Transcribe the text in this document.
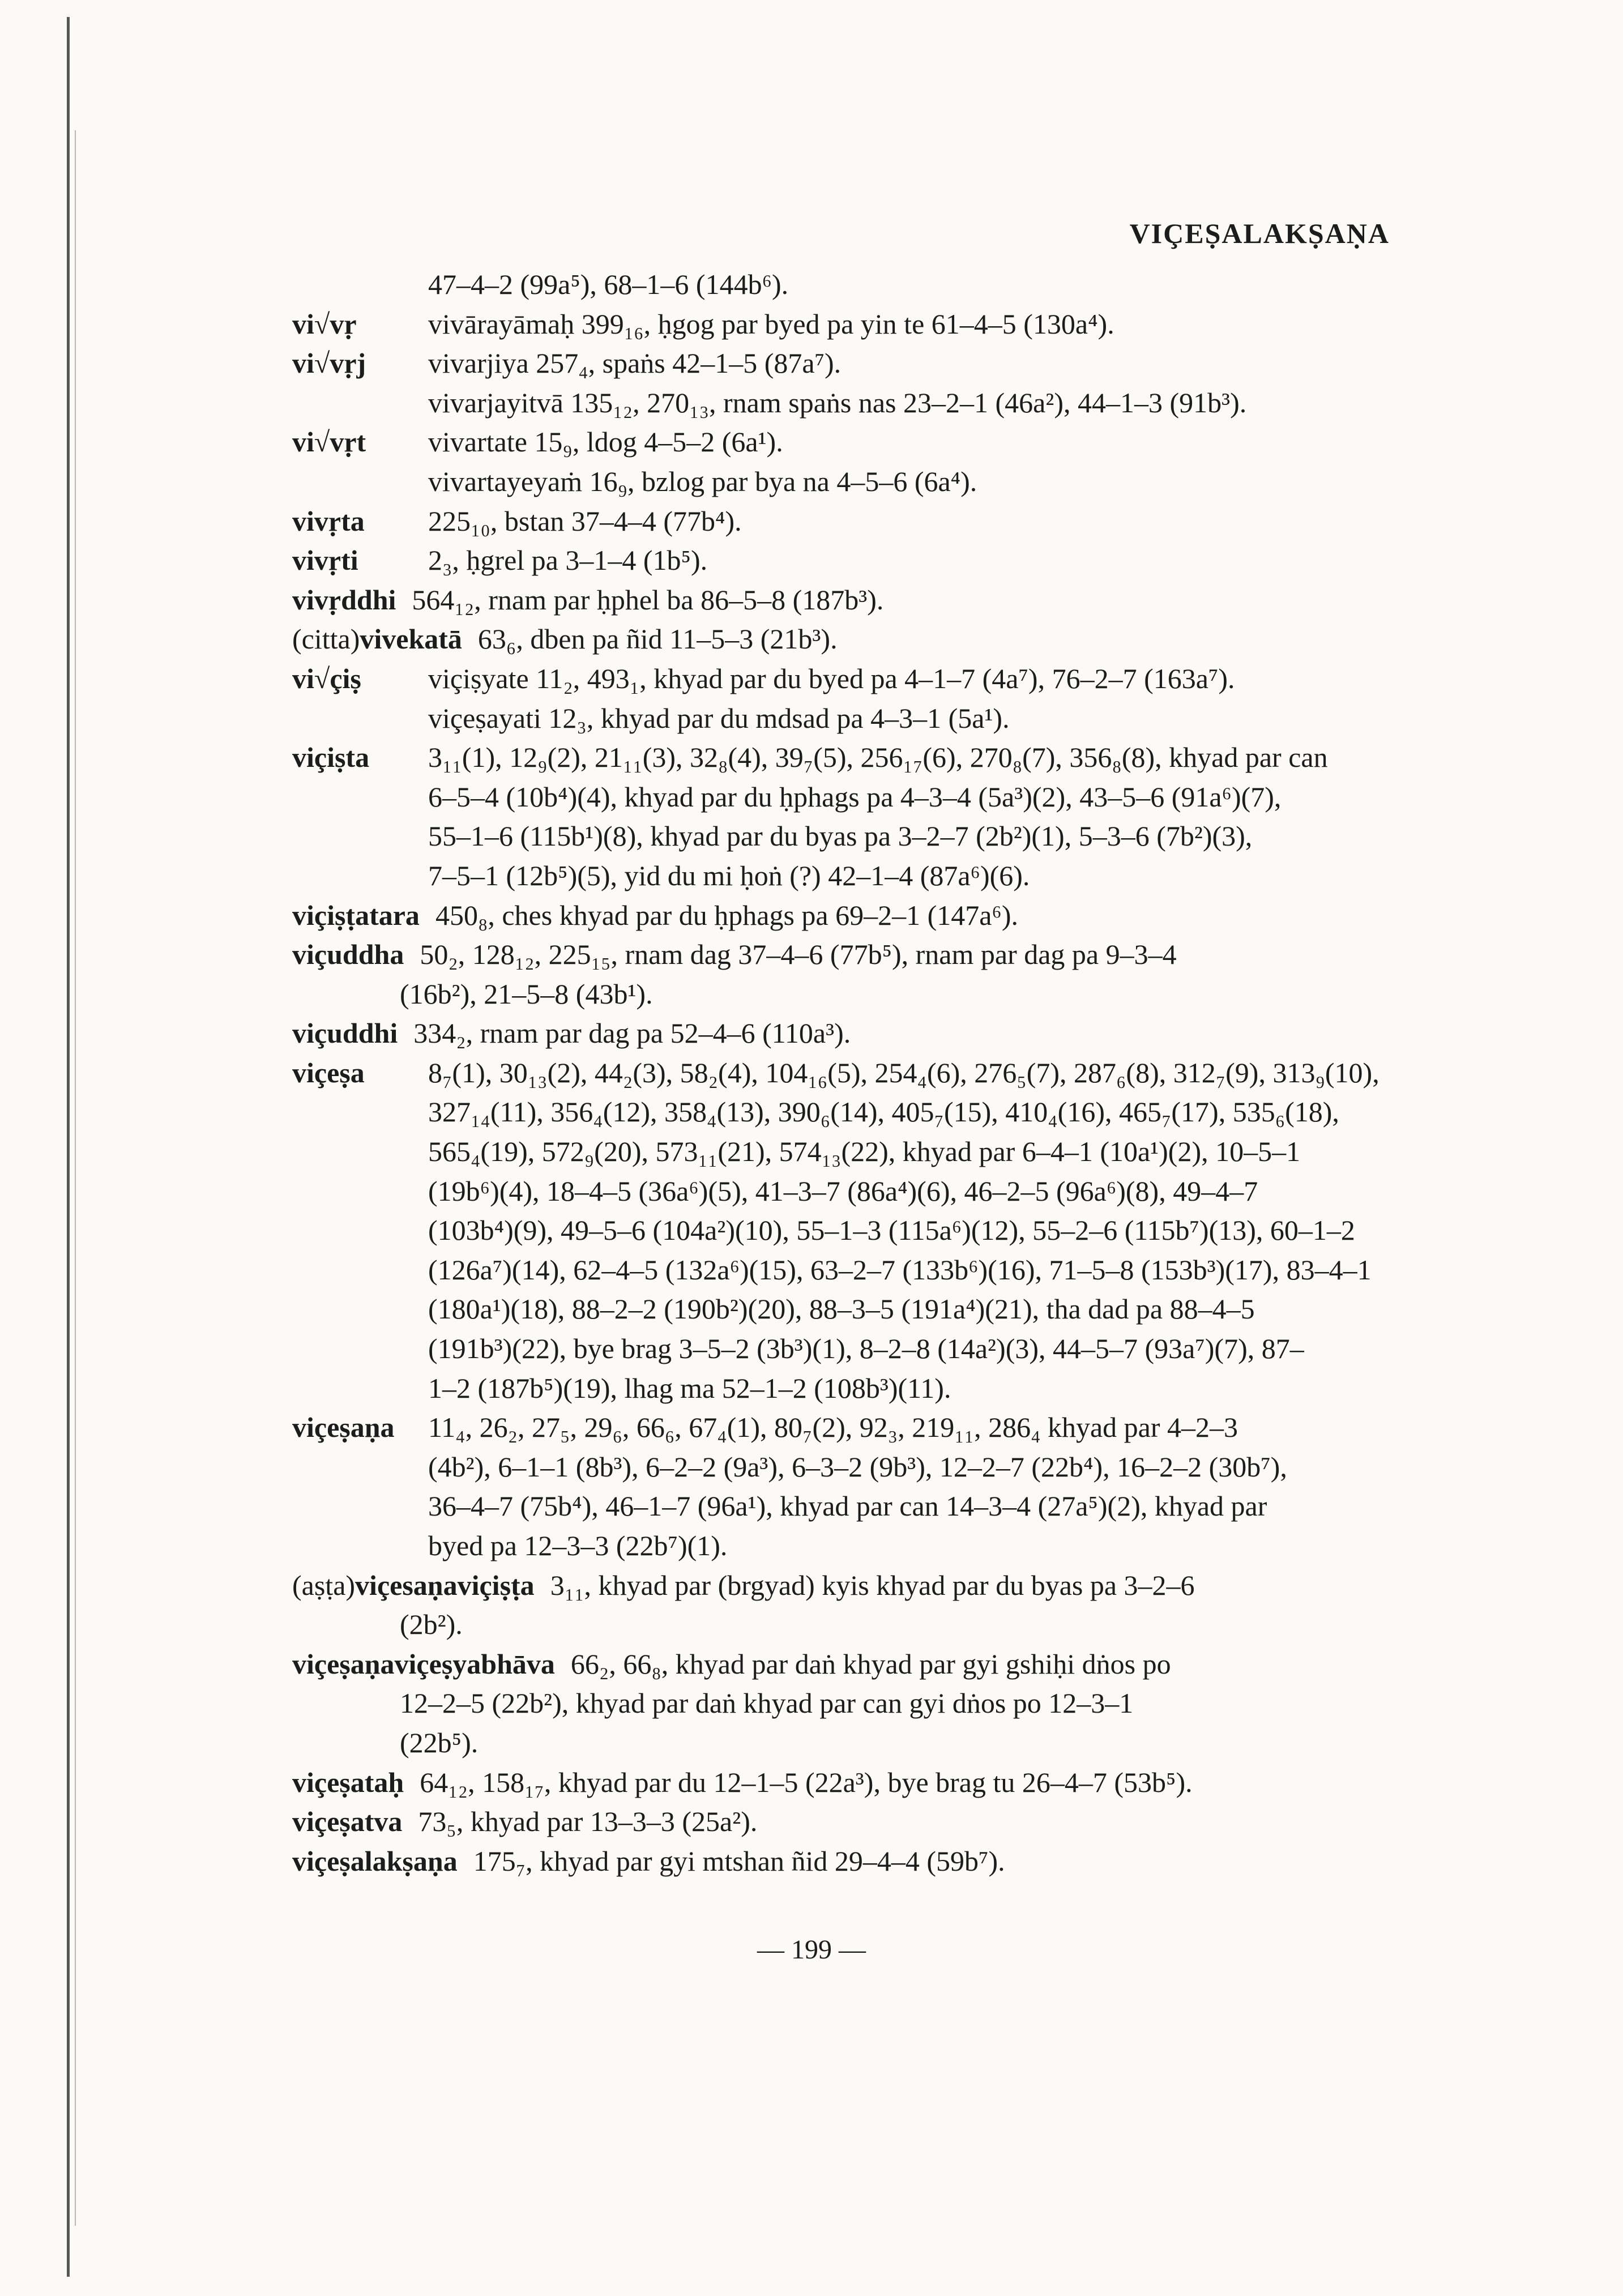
VIÇEṢALAKṢAṆA
47–4–2 (99a⁵), 68–1–6 (144b⁶).
vi√vṛ	vivārayāmaḥ 399₁₆, ḥgog par byed pa yin te 61–4–5 (130a⁴).
vi√vṛj	vivarjiya 257₄, spaṅs 42–1–5 (87a⁷).
vivarjayitvā 135₁₂, 270₁₃, rnam spaṅs nas 23–2–1 (46a²), 44–1–3 (91b³).
vi√vṛt	vivartate 15₉, ldog 4–5–2 (6a¹).
vivartayeyaṁ 16₉, bzlog par bya na 4–5–6 (6a⁴).
vivṛta	225₁₀, bstan 37–4–4 (77b⁴).
vivṛti	2₃, ḥgrel pa 3–1–4 (1b⁵).
vivṛddhi 564₁₂, rnam par ḥphel ba 86–5–8 (187b³).
(citta)vivekatā 63₆, dben pa ñid 11–5–3 (21b³).
vi√çiṣ	viçiṣyate 11₂, 493₁, khyad par du byed pa 4–1–7 (4a⁷), 76–2–7 (163a⁷).
viçeṣayati 12₃, khyad par du mdsad pa 4–3–1 (5a¹).
viçiṣta	3₁₁(1), 12₉(2), 21₁₁(3), 32₈(4), 39₇(5), 256₁₇(6), 270₈(7), 356₈(8), khyad par can
6–5–4 (10b⁴)(4), khyad par du ḥphags pa 4–3–4 (5a³)(2), 43–5–6 (91a⁶)(7),
55–1–6 (115b¹)(8), khyad par du byas pa 3–2–7 (2b²)(1), 5–3–6 (7b²)(3),
7–5–1 (12b⁵)(5), yid du mi ḥoṅ (?) 42–1–4 (87a⁶)(6).
viçiṣṭatara 450₈, ches khyad par du ḥphags pa 69–2–1 (147a⁶).
viçuddha 50₂, 128₁₂, 225₁₅, rnam dag 37–4–6 (77b⁵), rnam par dag pa 9–3–4
(16b²), 21–5–8 (43b¹).
viçuddhi 334₂, rnam par dag pa 52–4–6 (110a³).
viçeṣa	8₇(1), 30₁₃(2), 44₂(3), 58₂(4), 104₁₆(5), 254₄(6), 276₅(7), 287₆(8), 312₇(9), 313₉(10),
327₁₄(11), 356₄(12), 358₄(13), 390₆(14), 405₇(15), 410₄(16), 465₇(17), 535₆(18),
565₄(19), 572₉(20), 573₁₁(21), 574₁₃(22), khyad par 6–4–1 (10a¹)(2), 10–5–1
(19b⁶)(4), 18–4–5 (36a⁶)(5), 41–3–7 (86a⁴)(6), 46–2–5 (96a⁶)(8), 49–4–7
(103b⁴)(9), 49–5–6 (104a²)(10), 55–1–3 (115a⁶)(12), 55–2–6 (115b⁷)(13), 60–1–2
(126a⁷)(14), 62–4–5 (132a⁶)(15), 63–2–7 (133b⁶)(16), 71–5–8 (153b³)(17), 83–4–1
(180a¹)(18), 88–2–2 (190b²)(20), 88–3–5 (191a⁴)(21), tha dad pa 88–4–5
(191b³)(22), bye brag 3–5–2 (3b³)(1), 8–2–8 (14a²)(3), 44–5–7 (93a⁷)(7), 87–
1–2 (187b⁵)(19), lhag ma 52–1–2 (108b³)(11).
viçeṣaṇa	11₄, 26₂, 27₅, 29₆, 66₆, 67₄(1), 80₇(2), 92₃, 219₁₁, 286₄ khyad par 4–2–3
(4b²), 6–1–1 (8b³), 6–2–2 (9a³), 6–3–2 (9b³), 12–2–7 (22b⁴), 16–2–2 (30b⁷),
36–4–7 (75b⁴), 46–1–7 (96a¹), khyad par can 14–3–4 (27a⁵)(2), khyad par
byed pa 12–3–3 (22b⁷)(1).
(aṣṭa)viçesaṇaviçiṣṭa 3₁₁, khyad par (brgyad) kyis khyad par du byas pa 3–2–6
(2b²).
viçeṣaṇaviçeṣyabhāva 66₂, 66₈, khyad par daṅ khyad par gyi gshiḥi dṅos po
12–2–5 (22b²), khyad par daṅ khyad par can gyi dṅos po 12–3–1
(22b⁵).
viçeṣataḥ 64₁₂, 158₁₇, khyad par du 12–1–5 (22a³), bye brag tu 26–4–7 (53b⁵).
viçeṣatva 73₅, khyad par 13–3–3 (25a²).
viçeṣalakṣaṇa 175₇, khyad par gyi mtshan ñid 29–4–4 (59b⁷).
— 199 —
